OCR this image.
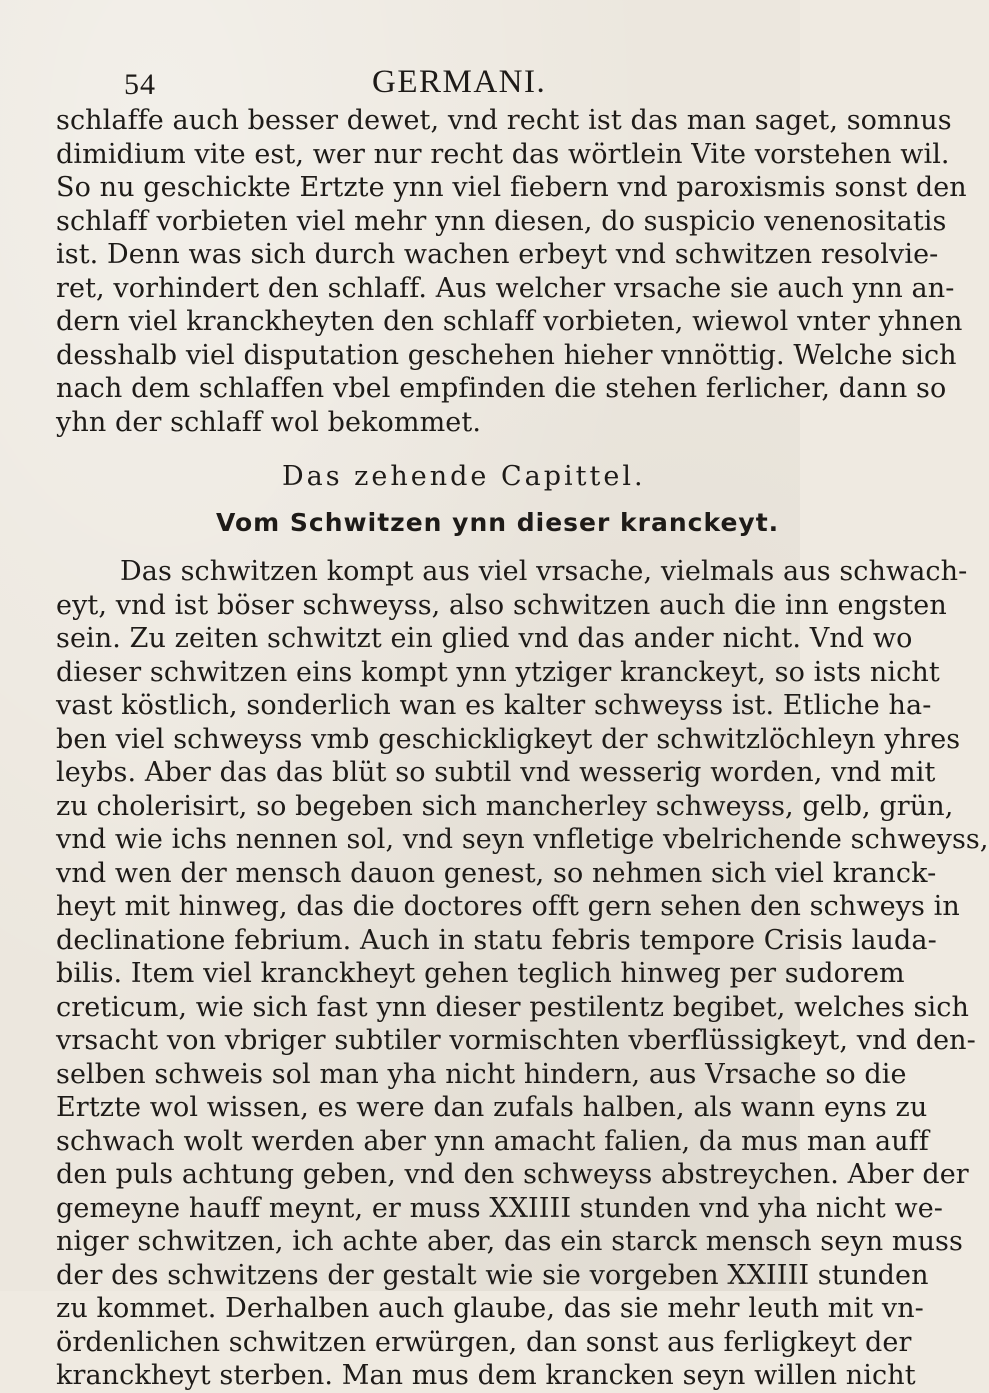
54	GERMANI.
schlaffe auch besser dewet, vnd recht ist das man saget, somnus
dimidium vite est, wer nur recht das wörtlein Vite vorstehen wil.
So nu geschickte Ertzte ynn viel fiebern vnd paroxismis sonst den
schlaff vorbieten viel mehr ynn diesen, do suspicio venenositatis
ist. Denn was sich durch wachen erbeyt vnd schwitzen resolvie-
ret, vorhindert den schlaff. Aus welcher vrsache sie auch ynn an-
dern viel kranckheyten den schlaff vorbieten, wiewol vnter yhnen
desshalb viel disputation geschehen hieher vnnöttig. Welche sich
nach dem schlaffen vbel empfinden die stehen ferlicher, dann so
yhn der schlaff wol bekommet.
Das zehende Capittel.
Vom Schwitzen ynn dieser kranckeyt.
Das schwitzen kompt aus viel vrsache, vielmals aus schwach-
eyt, vnd ist böser schweyss, also schwitzen auch die inn engsten
sein. Zu zeiten schwitzt ein glied vnd das ander nicht. Vnd wo
dieser schwitzen eins kompt ynn ytziger kranckeyt, so ists nicht
vast köstlich, sonderlich wan es kalter schweyss ist. Etliche ha-
ben viel schweyss vmb geschickligkeyt der schwitzlöchleyn yhres
leybs. Aber das das blüt so subtil vnd wesserig worden, vnd mit
zu cholerisirt, so begeben sich mancherley schweyss, gelb, grün,
vnd wie ichs nennen sol, vnd seyn vnfletige vbelrichende schweyss,
vnd wen der mensch dauon genest, so nehmen sich viel kranck-
heyt mit hinweg, das die doctores offt gern sehen den schweys in
declinatione febrium. Auch in statu febris tempore Crisis lauda-
bilis. Item viel kranckheyt gehen teglich hinweg per sudorem
creticum, wie sich fast ynn dieser pestilentz begibet, welches sich
vrsacht von vbriger subtiler vormischten vberflüssigkeyt, vnd den-
selben schweis sol man yha nicht hindern, aus Vrsache so die
Ertzte wol wissen, es were dan zufals halben, als wann eyns zu
schwach wolt werden aber ynn amacht falien, da mus man auff
den puls achtung geben, vnd den schweyss abstreychen. Aber der
gemeyne hauff meynt, er muss XXIIII stunden vnd yha nicht we-
niger schwitzen, ich achte aber, das ein starck mensch seyn muss
der des schwitzens der gestalt wie sie vorgeben XXIIII stunden
zu kommet. Derhalben auch glaube, das sie mehr leuth mit vn-
ördenlichen schwitzen erwürgen, dan sonst aus ferligkeyt der
kranckheyt sterben. Man mus dem krancken seyn willen nicht
